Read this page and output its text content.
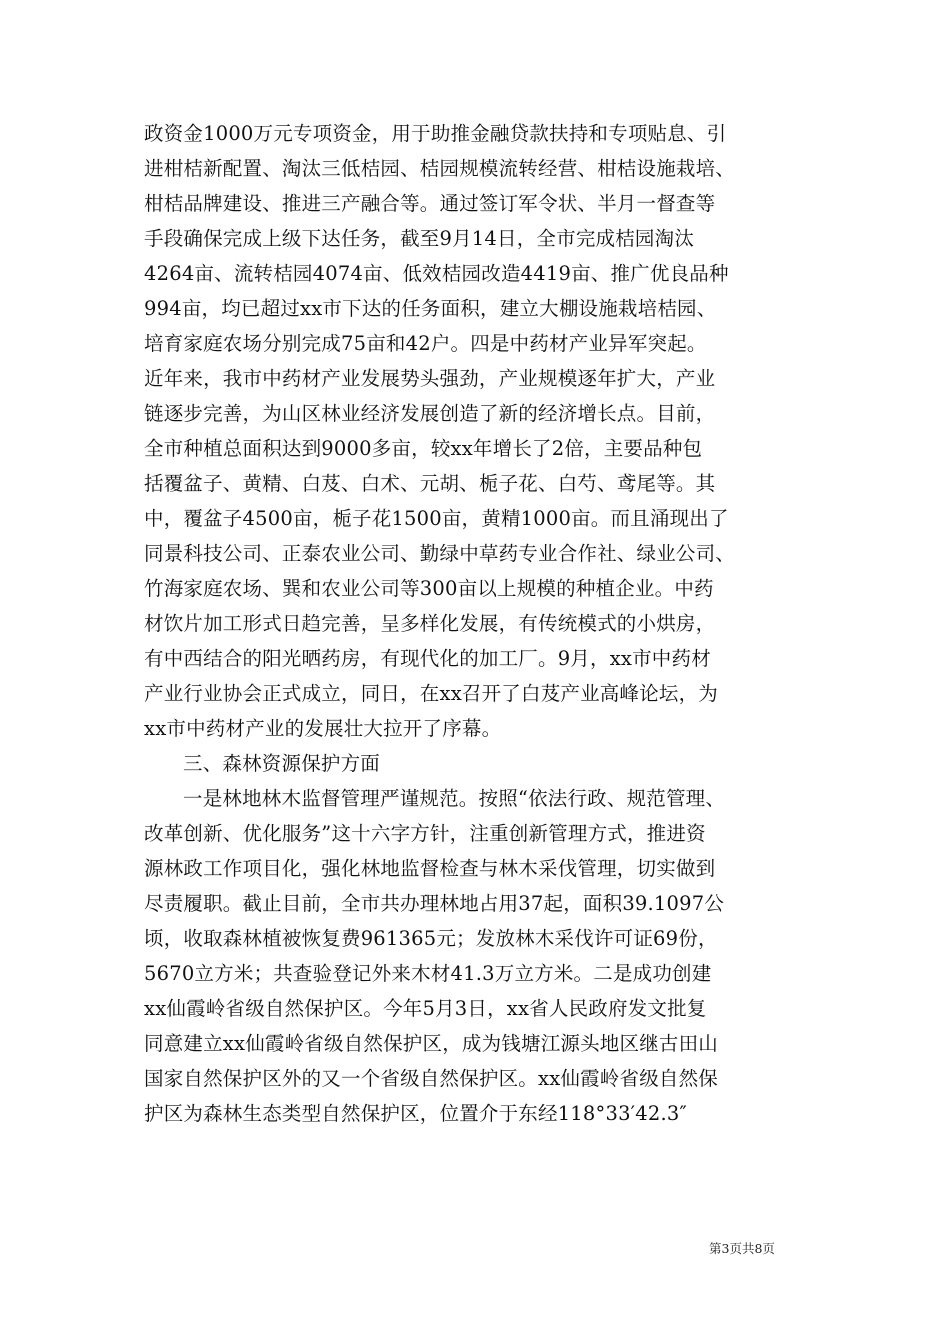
政资金1000万元专项资金，用于助推金融贷款扶持和专项贴息、引
进柑桔新配置、淘汰三低桔园、桔园规模流转经营、柑桔设施栽培、
柑桔品牌建设、推进三产融合等。通过签订军令状、半月一督查等
手段确保完成上级下达任务，截至9月14日，全市完成桔园淘汰
4264亩、流转桔园4074亩、低效桔园改造4419亩、推广优良品种
994亩，均已超过xx市下达的任务面积，建立大棚设施栽培桔园、
培育家庭农场分别完成75亩和42户。四是中药材产业异军突起。
近年来，我市中药材产业发展势头强劲，产业规模逐年扩大，产业
链逐步完善，为山区林业经济发展创造了新的经济增长点。目前，
全市种植总面积达到9000多亩，较xx年增长了2倍，主要品种包
括覆盆子、黄精、白芨、白术、元胡、栀子花、白芍、鸢尾等。其
中，覆盆子4500亩，栀子花1500亩，黄精1000亩。而且涌现出了
同景科技公司、正泰农业公司、勤绿中草药专业合作社、绿业公司、
竹海家庭农场、巽和农业公司等300亩以上规模的种植企业。中药
材饮片加工形式日趋完善，呈多样化发展，有传统模式的小烘房，
有中西结合的阳光晒药房，有现代化的加工厂。9月，xx市中药材
产业行业协会正式成立，同日，在xx召开了白芨产业高峰论坛，为
xx市中药材产业的发展壮大拉开了序幕。
三、森林资源保护方面
一是林地林木监督管理严谨规范。按照“依法行政、规范管理、
改革创新、优化服务”这十六字方针，注重创新管理方式，推进资
源林政工作项目化，强化林地监督检查与林木采伐管理，切实做到
尽责履职。截止目前，全市共办理林地占用37起，面积39.1097公
顷，收取森林植被恢复费961365元；发放林木采伐许可证69份，
5670立方米；共查验登记外来木材41.3万立方米。二是成功创建
xx仙霞岭省级自然保护区。今年5月3日，xx省人民政府发文批复
同意建立xx仙霞岭省级自然保护区，成为钱塘江源头地区继古田山
国家自然保护区外的又一个省级自然保护区。xx仙霞岭省级自然保
护区为森林生态类型自然保护区，位置介于东经118°33′42.3″
第3页共8页
